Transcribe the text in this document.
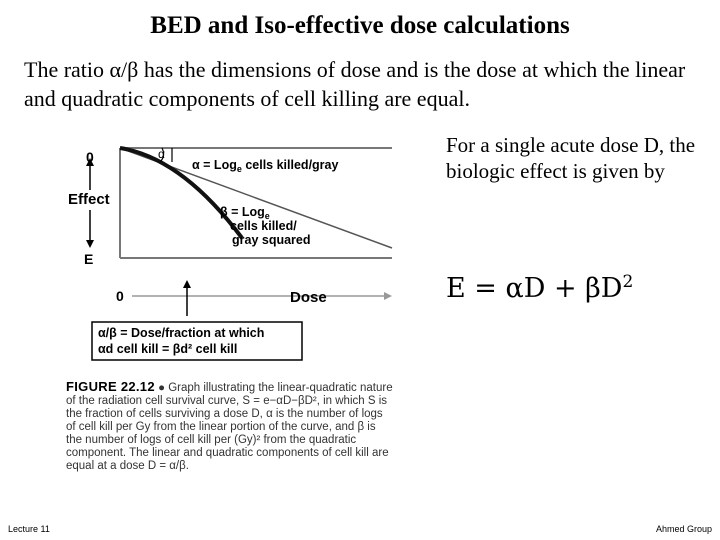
BED and Iso-effective dose calculations
The ratio α/β has the dimensions of dose and is the dose at which the linear and quadratic components of cell killing are equal.
For a single acute dose D, the biologic effect is given by
$E = \alpha D + \beta D^2$
0
Effect
E
0	Dose
α
α = Log$_e$ cells killed/gray
β = Log$_e$
cells killed/
gray squared
α/β = Dose/fraction at which
αd cell kill = βd² cell kill
FIGURE 22.12 ● Graph illustrating the linear-quadratic nature of the radiation cell survival curve, S = e−αD−βD², in which S is the fraction of cells surviving a dose D, α is the number of logs of cell kill per Gy from the linear portion of the curve, and β is the number of logs of cell kill per (Gy)² from the quadratic component. The linear and quadratic components of cell kill are equal at a dose D = α/β.
Lecture 11	Ahmed Group
